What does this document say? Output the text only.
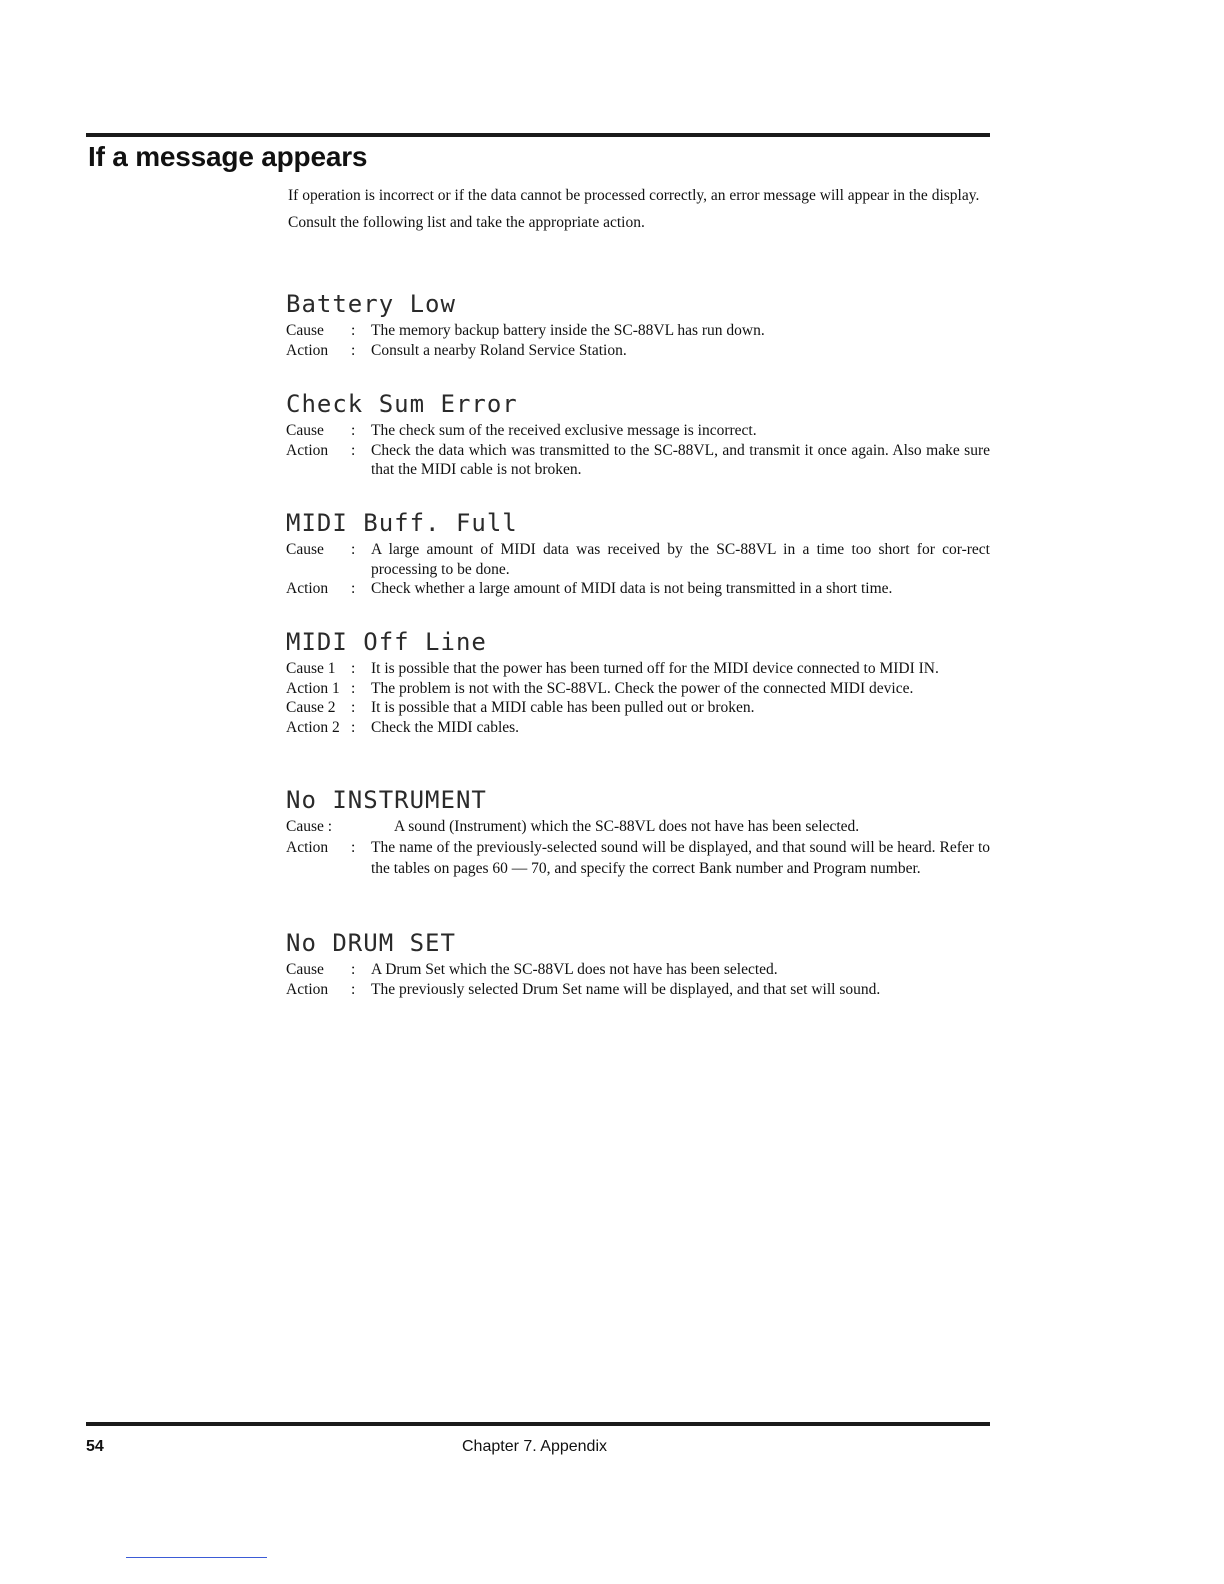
If a message appears

If operation is incorrect or if the data cannot be processed correctly, an error message will appear in the display.

Consult the following list and take the appropriate action.

Battery Low
Cause	: The memory backup battery inside the SC-88VL has run down.
Action	: Consult a nearby Roland Service Station.
Check Sum Error
Cause	: The check sum of the received exclusive message is incorrect.
Action	: Check the data which was transmitted to the SC-88VL, and transmit it once again. Also make sure that the MIDI cable is not broken.
MIDI Buff. Full
Cause	: A large amount of MIDI data was received by the SC-88VL in a time too short for cor-rect processing to be done.
Action	: Check whether a large amount of MIDI data is not being transmitted in a short time.
MIDI Off Line
Cause 1 : It is possible that the power has been turned off for the MIDI device connected to MIDI IN.
Action 1 : The problem is not with the SC-88VL. Check the power of the connected MIDI device.
Cause 2 : It is possible that a MIDI cable has been pulled out or broken.
Action 2 : Check the MIDI cables.
No INSTRUMENT
Cause :	A sound (Instrument) which the SC-88VL does not have has been selected.
Action	: The name of the previously-selected sound will be displayed, and that sound will be heard. Refer to the tables on pages 60 — 70, and specify the correct Bank number and Program number.
No DRUM SET
Cause	: A Drum Set which the SC-88VL does not have has been selected.
Action	: The previously selected Drum Set name will be displayed, and that set will sound.
54	Chapter 7. Appendix
